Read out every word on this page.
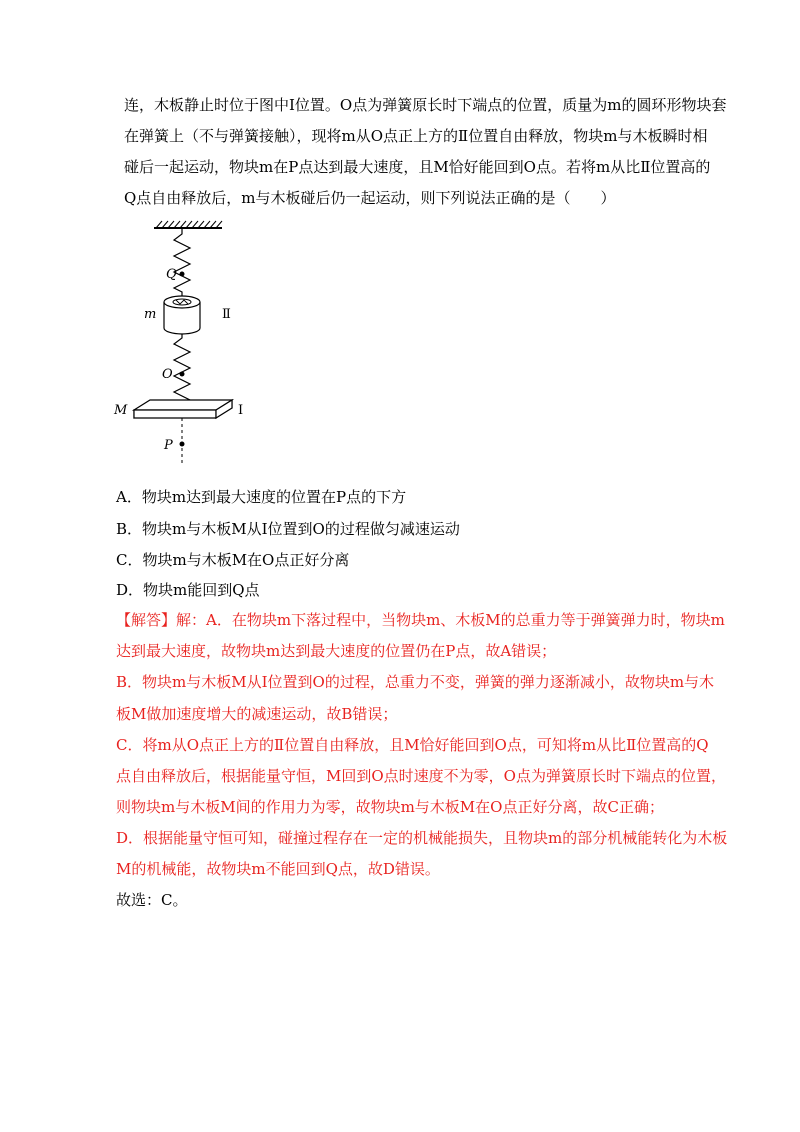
连，木板静止时位于图中Ⅰ位置。O点为弹簧原长时下端点的位置，质量为m的圆环形物块套
在弹簧上（不与弹簧接触），现将m从O点正上方的Ⅱ位置自由释放，物块m与木板瞬时相
碰后一起运动，物块m在P点达到最大速度，且M恰好能回到O点。若将m从比Ⅱ位置高的
Q点自由释放后，m与木板碰后仍一起运动，则下列说法正确的是（　　）

Q
m	Ⅱ
O
M	I
P
A．物块m达到最大速度的位置在P点的下方
B．物块m与木板M从Ⅰ位置到O的过程做匀减速运动
C．物块m与木板M在O点正好分离
D．物块m能回到Q点
【解答】解：A．在物块m下落过程中，当物块m、木板M的总重力等于弹簧弹力时，物块m
达到最大速度，故物块m达到最大速度的位置仍在P点，故A错误；
B．物块m与木板M从I位置到O的过程，总重力不变，弹簧的弹力逐渐减小，故物块m与木
板M做加速度增大的减速运动，故B错误；
C．将m从O点正上方的Ⅱ位置自由释放，且M恰好能回到O点，可知将m从比Ⅱ位置高的Q
点自由释放后，根据能量守恒，M回到O点时速度不为零，O点为弹簧原长时下端点的位置，
则物块m与木板M间的作用力为零，故物块m与木板M在O点正好分离，故C正确；
D．根据能量守恒可知，碰撞过程存在一定的机械能损失，且物块m的部分机械能转化为木板
M的机械能，故物块m不能回到Q点，故D错误。
故选：C。
